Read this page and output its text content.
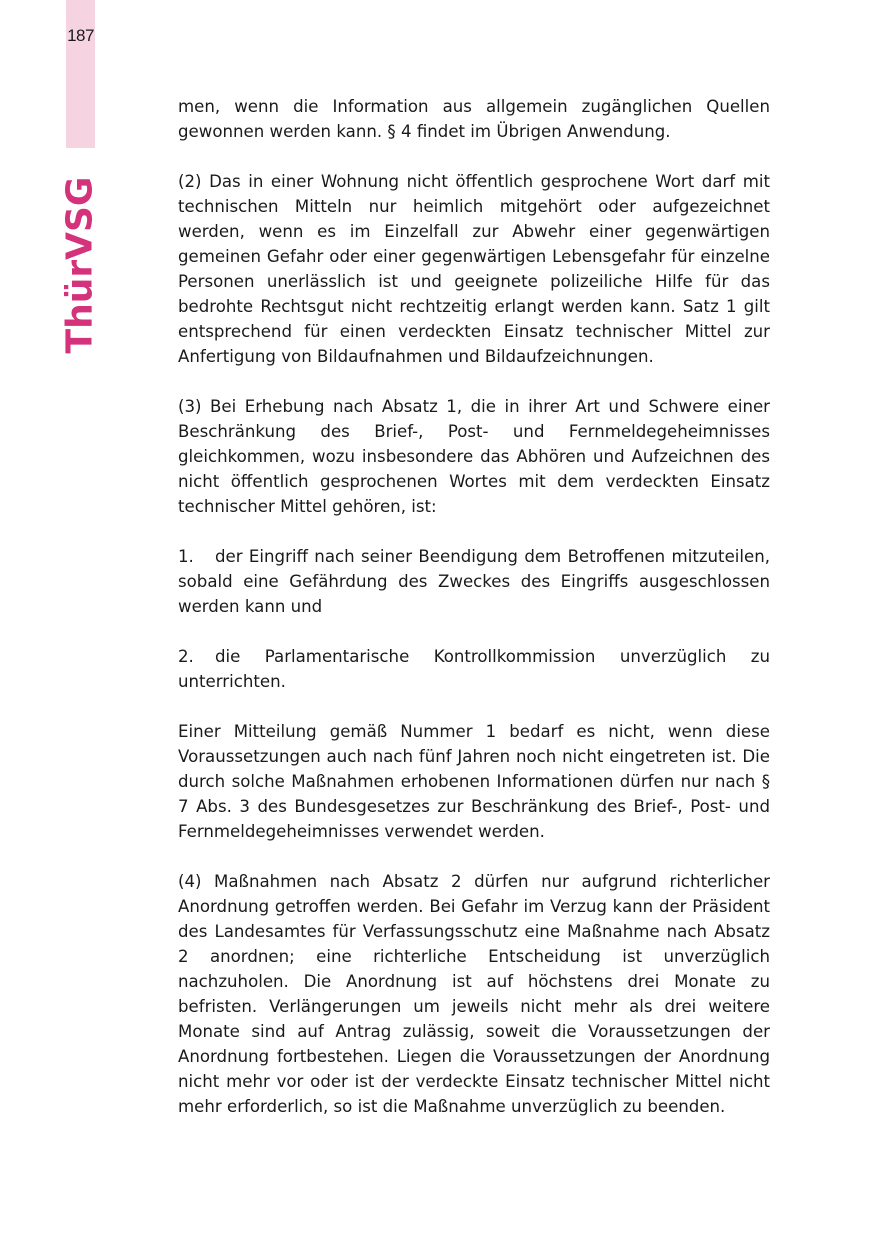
187
ThürVSG

men, wenn die Information aus allgemein zugänglichen Quellen gewonnen werden kann. § 4 findet im Übrigen Anwendung.

(2) Das in einer Wohnung nicht öffentlich gesprochene Wort darf mit technischen Mitteln nur heimlich mitgehört oder aufgezeichnet werden, wenn es im Einzelfall zur Abwehr einer gegenwärtigen gemeinen Gefahr oder einer gegenwärtigen Lebensgefahr für einzelne Personen unerlässlich ist und geeignete polizeiliche Hilfe für das bedrohte Rechtsgut nicht rechtzeitig erlangt werden kann. Satz 1 gilt entsprechend für einen verdeckten Einsatz technischer Mittel zur Anfertigung von Bildaufnahmen und Bildaufzeichnungen.

(3) Bei Erhebung nach Absatz 1, die in ihrer Art und Schwere einer Beschränkung des Brief-, Post- und Fernmeldegeheimnisses gleichkommen, wozu insbesondere das Abhören und Aufzeichnen des nicht öffentlich gesprochenen Wortes mit dem verdeckten Einsatz technischer Mittel gehören, ist:

1. der Eingriff nach seiner Beendigung dem Betroffenen mitzuteilen, sobald eine Gefährdung des Zweckes des Eingriffs ausgeschlossen werden kann und

2. die Parlamentarische Kontrollkommission unverzüglich zu unterrichten.

Einer Mitteilung gemäß Nummer 1 bedarf es nicht, wenn diese Voraussetzungen auch nach fünf Jahren noch nicht eingetreten ist. Die durch solche Maßnahmen erhobenen Informationen dürfen nur nach § 7 Abs. 3 des Bundesgesetzes zur Beschränkung des Brief-, Post- und Fernmeldegeheimnisses verwendet werden.

(4) Maßnahmen nach Absatz 2 dürfen nur aufgrund richterlicher Anordnung getroffen werden. Bei Gefahr im Verzug kann der Präsident des Landesamtes für Verfassungsschutz eine Maßnahme nach Absatz 2 anordnen; eine richterliche Entscheidung ist unverzüglich nachzuholen. Die Anordnung ist auf höchstens drei Monate zu befristen. Verlängerungen um jeweils nicht mehr als drei weitere Monate sind auf Antrag zulässig, soweit die Voraussetzungen der Anordnung fortbestehen. Liegen die Voraussetzungen der Anordnung nicht mehr vor oder ist der verdeckte Einsatz technischer Mittel nicht mehr erforderlich, so ist die Maßnahme unverzüglich zu beenden.
